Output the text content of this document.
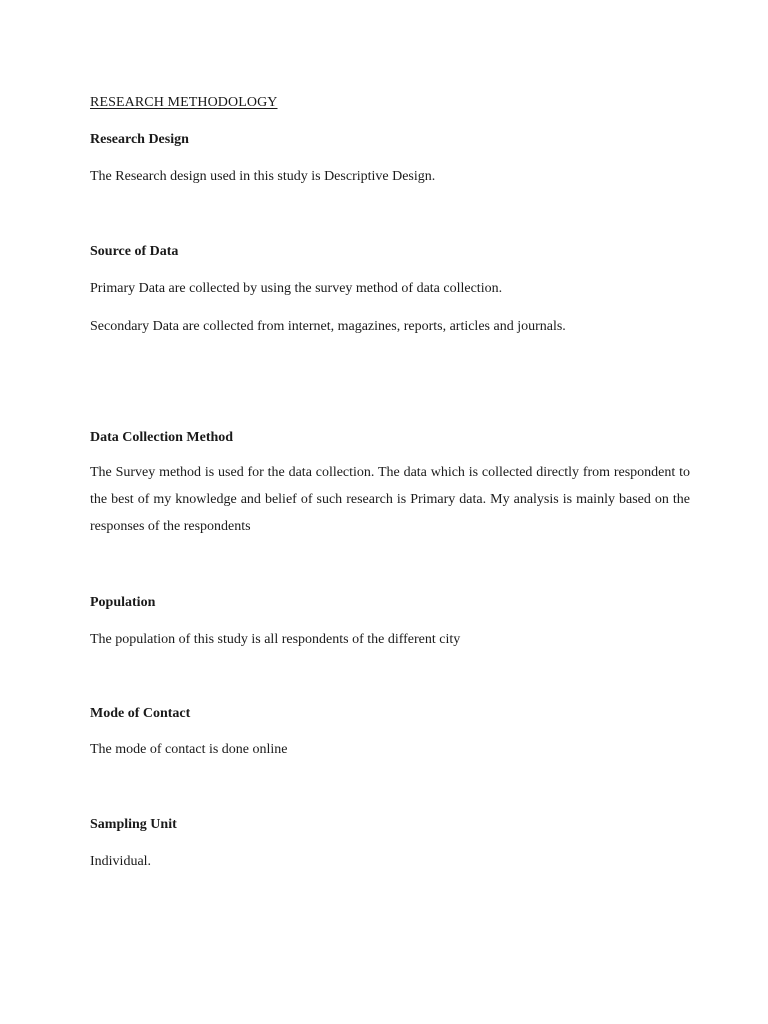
RESEARCH METHODOLOGY

Research Design

The Research design used in this study is Descriptive Design.

Source of Data

Primary Data are collected by using the survey method of data collection.

Secondary Data are collected from internet, magazines, reports, articles and journals.

Data Collection Method

The Survey method is used for the data collection. The data which is collected directly from respondent to the best of my knowledge and belief of such research is Primary data. My analysis is mainly based on the responses of the respondents

Population

The population of this study is all respondents of the different city

Mode of Contact

The mode of contact is done online

Sampling Unit

Individual.
